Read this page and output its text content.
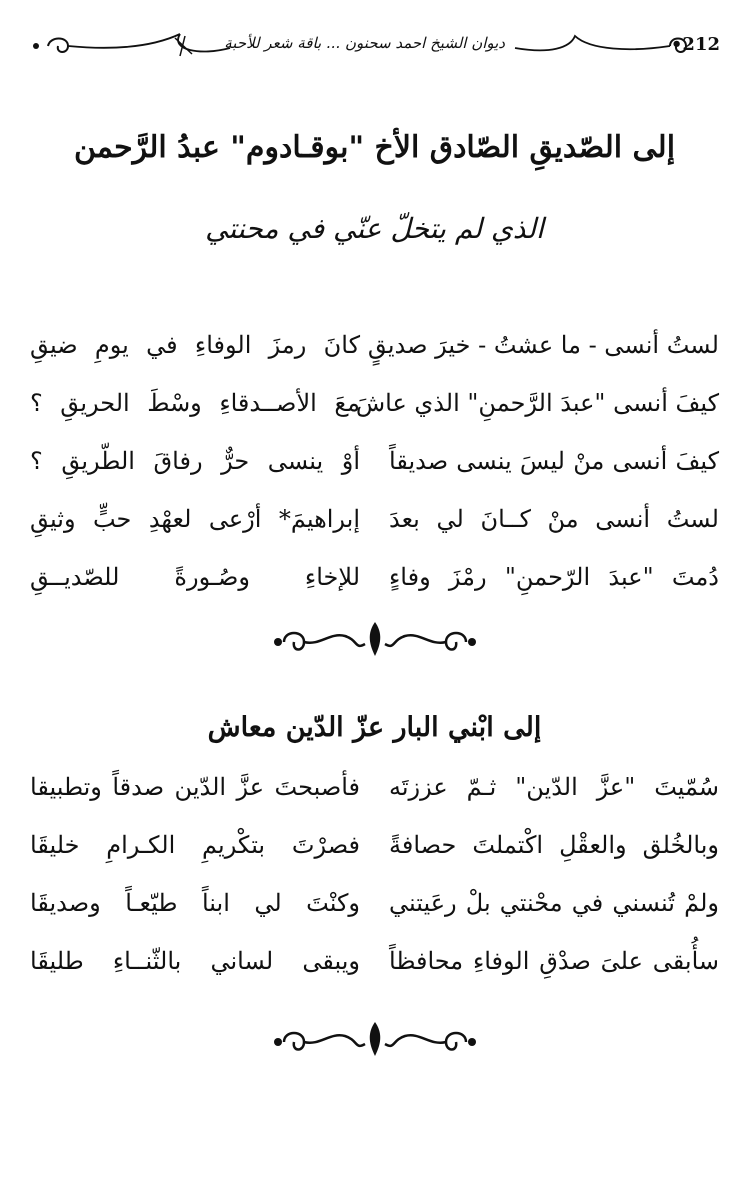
•212
ديوان الشيخ احمد سحنون ... باقة شعر للأحبة
إلى الصّديقِ الصّادق الأخ "بوقـادوم" عبدُ الرَّحمن
الذي لم يتخلّ عنّي في محنتي
لستُ أنسى - ما عشتُ - خيرَ صديقٍ
كانَ رمزَ الوفاءِ في يومِ ضيقِ
كيفَ أنسى "عبدَ الرَّحمنِ" الذي عاشَ
معَ الأصــدقاءِ وسْطَ الحريقِ ؟
كيفَ أنسى منْ ليسَ ينسى صديقاً
أوْ ينسى حرٌّ رفاقَ الطّريقِ ؟
لستُ أنسى منْ كــانَ لي بعدَ
إبراهيمَ* أرْعى لعهْدِ حبٍّ وثيقِ
دُمتَ "عبدَ الرّحمنِ" رمْزَ وفاءٍ
للإخاءِ وصُـورةً للصّديــقِ
إلى ابْني البار عزّ الدّين معاش
سُمّيتَ "عزَّ الدّين" ثـمّ عززتَه
فأصبحتَ عزَّ الدّين صدقاً وتطبيقا
وبالخُلق والعقْلِ اكْتملتَ حصافةً
فصرْتَ بتكْريمِ الكـرامِ خليقَا
ولمْ تُنسني في محْنتي بلْ رعَيتني
وكنْتَ لي ابناً طيّعـاً وصديقَا
سأُبقى علىَ صدْقِ الوفاءِ محافظاً
ويبقى لساني بالثّنــاءِ طليقَا
